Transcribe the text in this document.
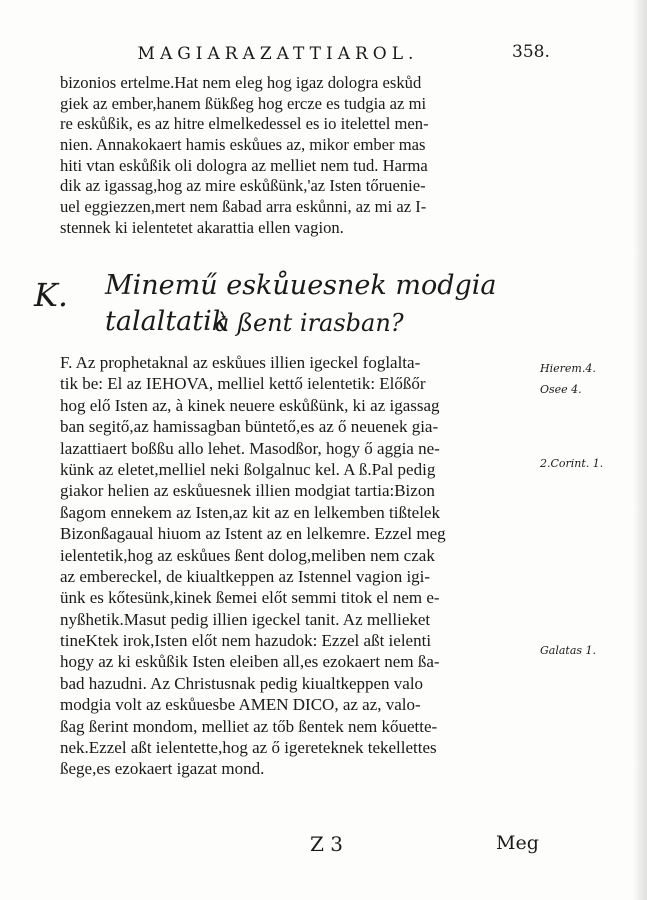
MAGIARAZATTIAROL.	358.
bizonios ertelme.Hat nem eleg hog igaz dologra eskůd
giek az ember,hanem ßükßeg hog ercze es tudgia az mi
re eskůßik, es az hitre elmelkedessel es io itelettel men-
nien. Annakokaert hamis eskůues az, mikor ember mas
hiti vtan eskůßik oli dologra az melliet nem tud. Harma
dik az igassag,hog az mire eskůßünk,'az Isten tőruenie-
uel eggiezzen,mert nem ßabad arra eskůnni, az mi az I-
stennek ki ielentetet akarattia ellen vagion.
K. Minemű eskůuesnek modgia talaltatik
à ßent irasban?
F. Az prophetaknal az eskůues illien igeckel foglalta-
tik be: El az IEHOVA, melliel kettő ielentetik: Előßőr
hog elő Isten az, à kinek neuere eskůßünk, ki az igassag
ban segitő,az hamissagban büntető,es az ő neuenek gia-
lazattiaert boßßu allo lehet. Masodßor, hogy ő aggia ne-
künk az eletet,melliel neki ßolgalnuc kel. A ß.Pal pedig
giakor helien az eskůuesnek illien modgiat tartia:Bizon
ßagom ennekem az Isten,az kit az en lelkemben tißtelek
Bizonßagaual hiuom az Istent az en lelkemre. Ezzel meg
ielentetik,hog az eskůues ßent dolog,meliben nem czak
az embereckel, de kiualtkeppen az Istennel vagion igi-
ünk es kőtesünk,kinek ßemei előt semmi titok el nem e-
nyßhetik.Masut pedig illien igeckel tanit. Az mellieket
tineKtek irok,Isten előt nem hazudok: Ezzel aßt ielenti
hogy az ki eskůßik Isten eleiben all,es ezokaert nem ßa-
bad hazudni. Az Christusnak pedig kiualtkeppen valo
modgia volt az eskůuesbe AMEN DICO, az az, valo-
ßag ßerint mondom, melliet az tőb ßentek nem kőuette-
nek.Ezzel aßt ielentette,hog az ő igereteknek tekellettes
ßege,es ezokaert igazat mond.
Hierem.4.
Osee 4.
2.Corint. 1.
Galatas 1.
Z 3	Meg
